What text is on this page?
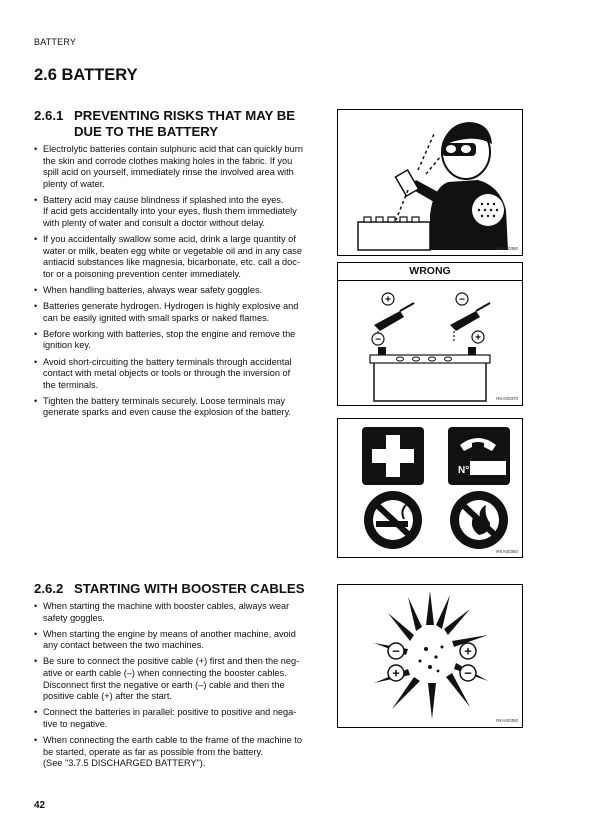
BATTERY
2.6 BATTERY
2.6.1 PREVENTING RISKS THAT MAY BE
DUE TO THE BATTERY
• Electrolytic batteries contain sulphuric acid that can quickly burn
the skin and corrode clothes making holes in the fabric. If you
spill acid on yourself, immediately rinse the involved area with
plenty of water.
• Battery acid may cause blindness if splashed into the eyes.
If acid gets accidentally into your eyes, flush them immediately
with plenty of water and consult a doctor without delay.
• If you accidentally swallow some acid, drink a large quantity of
water or milk, beaten egg white or vegetable oil and in any case
antiacid substances like magnesia, bicarbonate, etc. call a doc-
tor or a poisoning prevention center immediately.
• When handling batteries, always wear safety goggles.
• Batteries generate hydrogen. Hydrogen is highly explosive and
can be easily ignited with small sparks or naked flames.
• Before working with batteries, stop the engine and remove the
ignition key.
• Avoid short-circuiting the battery terminals through accidental
contact with metal objects or tools or through the inversion of
the terminals.
• Tighten the battery terminals securely. Loose terminals may
generate sparks and even cause the explosion of the battery.
2.6.2 STARTING WITH BOOSTER CABLES
• When starting the machine with booster cables, always wear
safety goggles.
• When starting the engine by means of another machine, avoid
any contact between the two machines.
• Be sure to connect the positive cable (+) first and then the neg-
ative or earth cable (–) when connecting the booster cables.
Disconnect first the negative or earth (–) cable and then the
positive cable (+) after the start.
• Connect the batteries in parallel: positive to positive and nega-
tive to negative.
• When connecting the earth cable to the frame of the machine to
be started, operate as far as possible from the battery.
(See "3.7.5 DISCHARGED BATTERY").
RKA00380
WRONG
+	−
−	+
RKA00370
N°
RKA00360
−	+
+	−
RKA00350
42
